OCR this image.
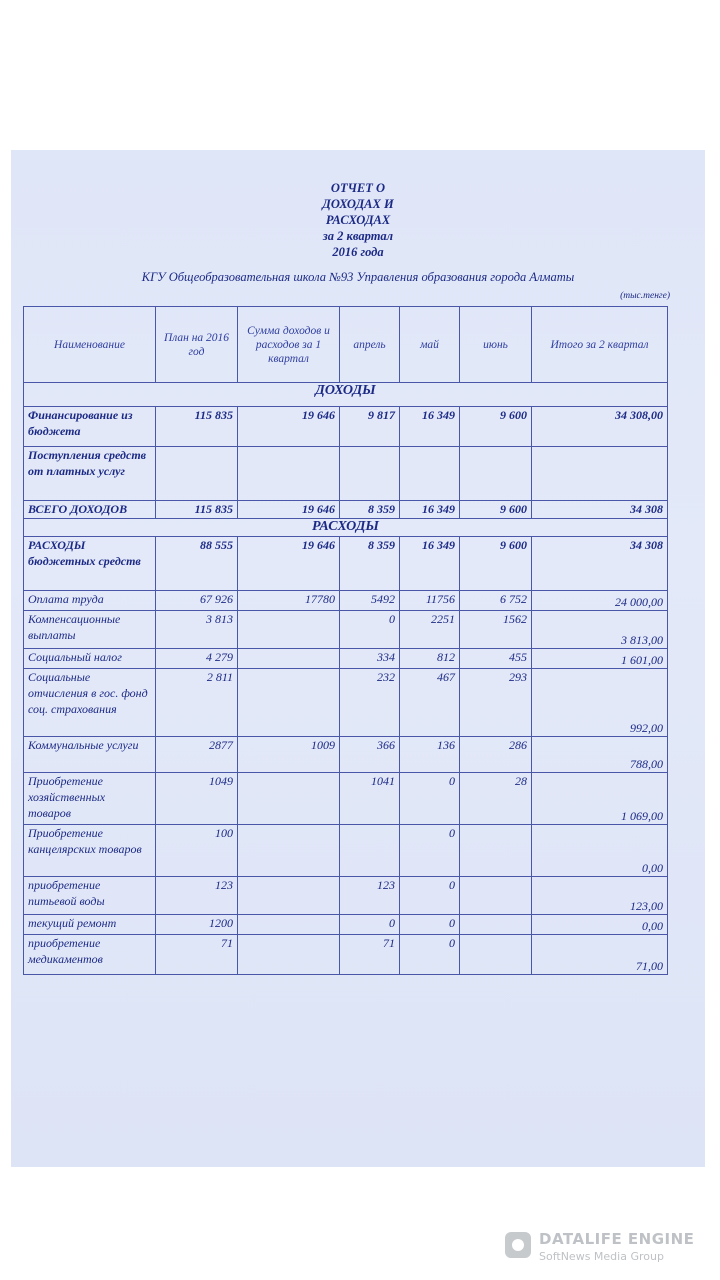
ОТЧЕТ О
ДОХОДАХ И
РАСХОДАХ
за 2 квартал
2016 года
КГУ Общеобразовательная школа №93 Управления образования города Алматы
(тыс.тенге)
Наименование	План на 2016 год	Сумма доходов и расходов за 1 квартал	апрель	май	июнь	Итого за 2 квартал
ДОХОДЫ						
Финансирование из бюджета	115 835	19 646	9 817	16 349	9 600	34 308,00
Поступления средств от платных услуг						
ВСЕГО ДОХОДОВ	115 835	19 646	8 359	16 349	9 600	34 308
РАСХОДЫ						
РАСХОДЫ бюджетных средств	88 555	19 646	8 359	16 349	9 600	34 308
Оплата труда	67 926	17780	5492	11756	6 752	24 000,00
Компенсационные выплаты	3 813		0	2251	1562	3 813,00
Социальный налог	4 279		334	812	455	1 601,00
Социальные отчисления в гос. фонд соц. страхования	2 811		232	467	293	992,00
Коммунальные услуги	2877	1009	366	136	286	788,00
Приобретение хозяйственных товаров	1049		1041	0	28	1 069,00
Приобретение канцелярских товаров	100			0		0,00
приобретение питьевой воды	123		123	0		123,00
текущий ремонт	1200		0	0		0,00
приобретение медикаментов	71		71	0		71,00
DATALIFE ENGINE
SoftNews Media Group
